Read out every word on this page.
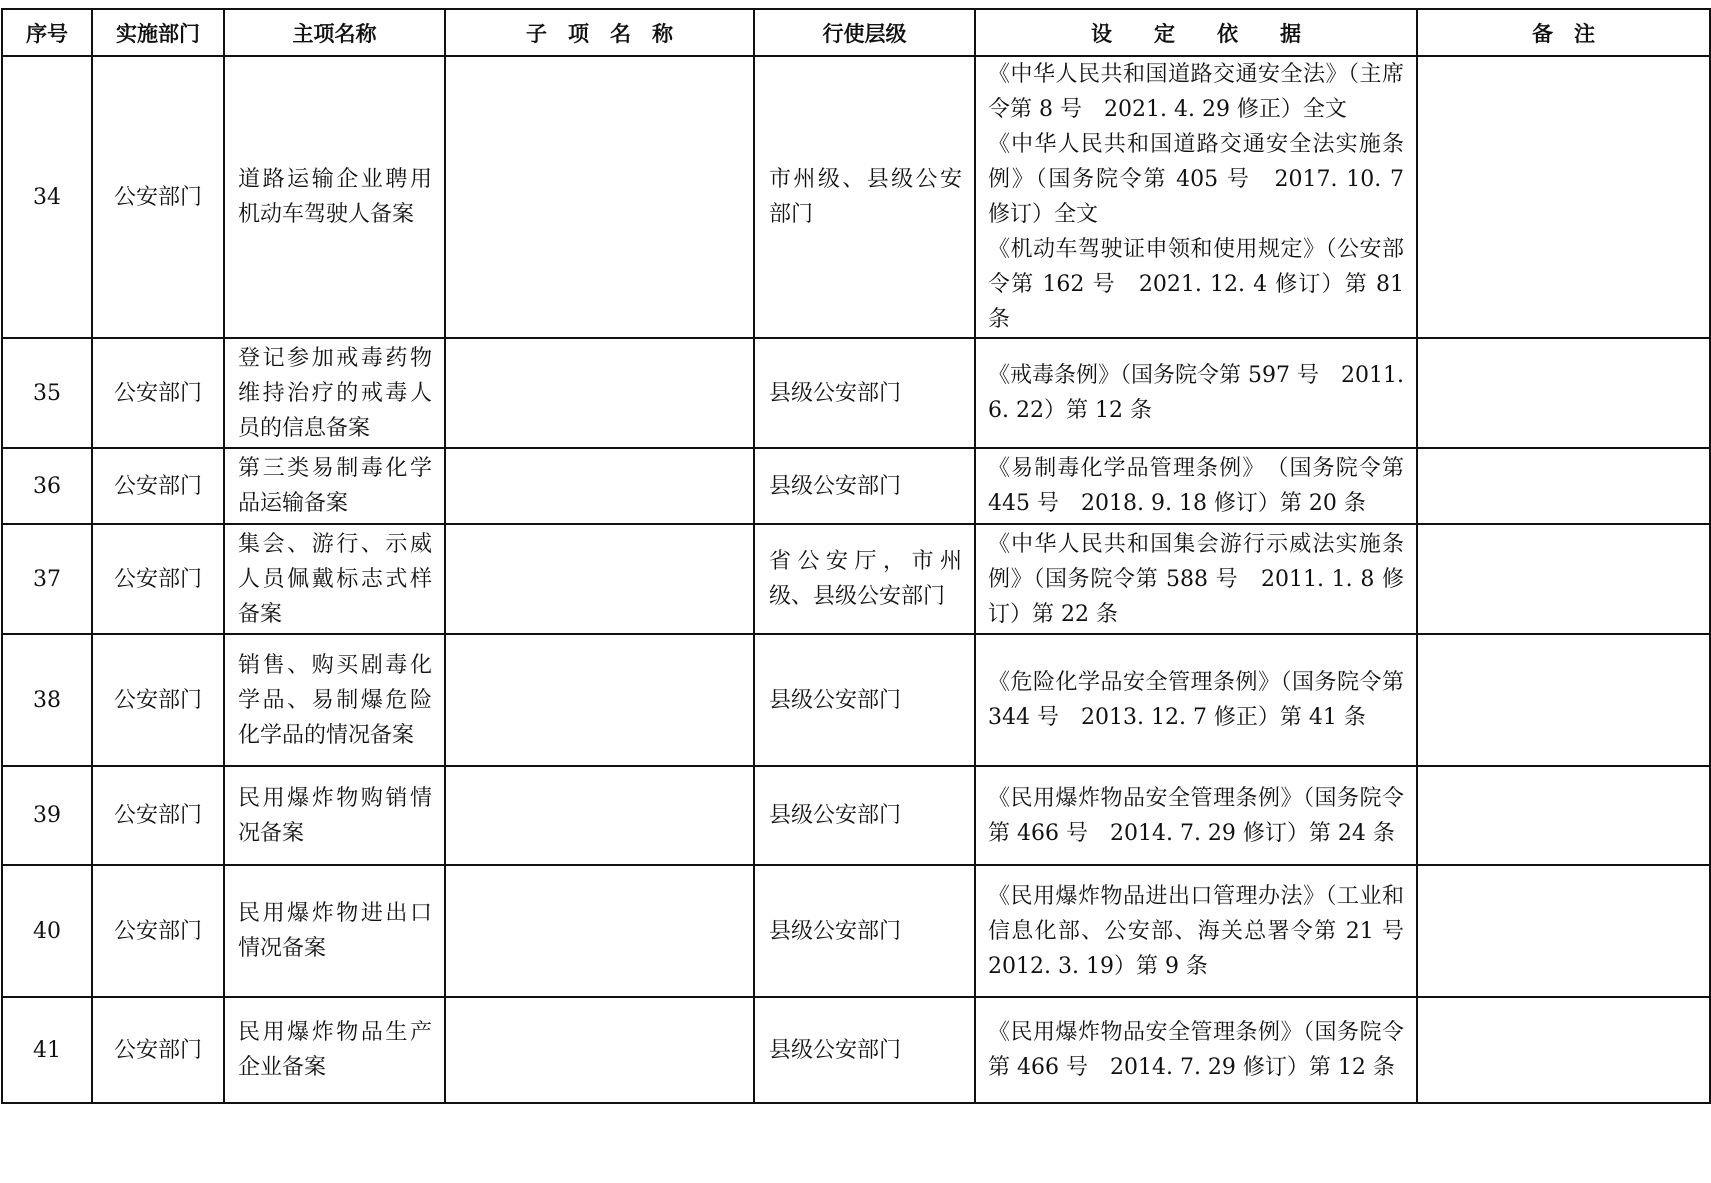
序号	实施部门	主项名称	子　项　名　称	行使层级	设　　定　　依　　据	备　注
34	公安部门	道路运输企业聘用机动车驾驶人备案		市州级、县级公安部门	《中华人民共和国道路交通安全法》（主席令第 8 号　2021. 4. 29 修正）全文
《中华人民共和国道路交通安全法实施条例》（国务院令第 405 号　2017. 10. 7 修订）全文
《机动车驾驶证申领和使用规定》（公安部令第 162 号　2021. 12. 4 修订）第 81 条	

35	公安部门	登记参加戒毒药物维持治疗的戒毒人员的信息备案		县级公安部门	《戒毒条例》（国务院令第 597 号　2011. 6. 22）第 12 条	

36	公安部门	第三类易制毒化学品运输备案		县级公安部门	《易制毒化学品管理条例》　（国务院令第 445 号　2018. 9. 18 修订）第 20 条	

37	公安部门	集会、游行、示威人员佩戴标志式样备案		省公安厅，市州级、县级公安部门	《中华人民共和国集会游行示威法实施条例》（国务院令第 588 号　2011. 1. 8 修订）第 22 条	

38	公安部门	销售、购买剧毒化学品、易制爆危险化学品的情况备案		县级公安部门	《危险化学品安全管理条例》（国务院令第 344 号　2013. 12. 7 修正）第 41 条	

39	公安部门	民用爆炸物购销情况备案		县级公安部门	《民用爆炸物品安全管理条例》（国务院令第 466 号　2014. 7. 29 修订）第 24 条	

40	公安部门	民用爆炸物进出口情况备案		县级公安部门	《民用爆炸物品进出口管理办法》（工业和信息化部、公安部、海关总署令第 21 号　2012. 3. 19）第 9 条	

41	公安部门	民用爆炸物品生产企业备案		县级公安部门	《民用爆炸物品安全管理条例》（国务院令第 466 号　2014. 7. 29 修订）第 12 条	
